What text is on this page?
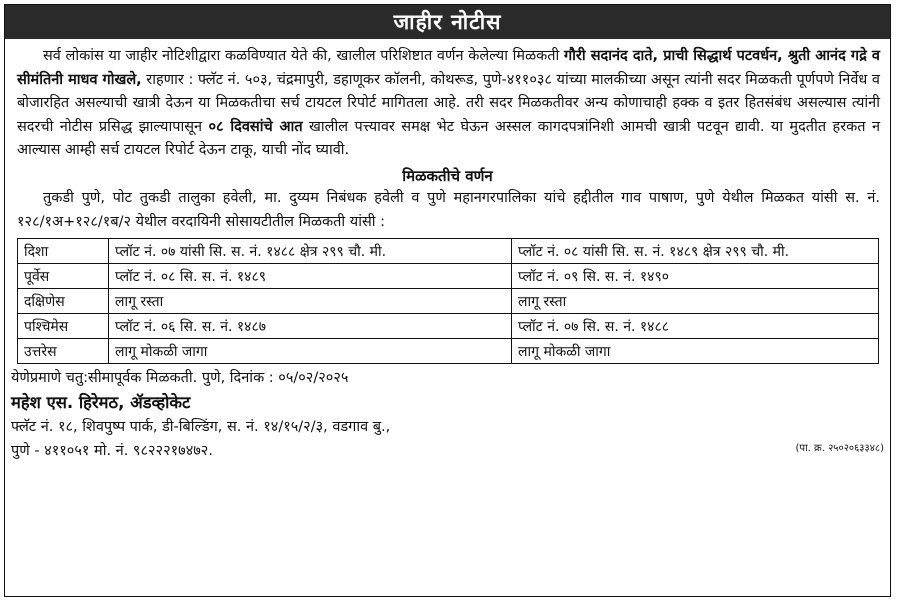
जाहीर नोटीस

सर्व लोकांस या जाहीर नोटिशीद्वारा कळविण्यात येते की, खालील परिशिष्टात वर्णन केलेल्या मिळकती गौरी सदानंद दाते, प्राची सिद्धार्थ पटवर्धन, श्रुती आनंद गद्रे व सीमंतिनी माधव गोखले, राहणार : फ्लॅट नं. ५०३, चंद्रमापुरी, डहाणूकर कॉलनी, कोथरूड, पुणे-४११०३८ यांच्या मालकीच्या असून त्यांनी सदर मिळकती पूर्णपणे निर्वेध व बोजारहित असल्याची खात्री देऊन या मिळकतीचा सर्च टायटल रिपोर्ट मागितला आहे. तरी सदर मिळकतीवर अन्य कोणाचाही हक्क व इतर हितसंबंध असल्यास त्यांनी सदरची नोटीस प्रसिद्ध झाल्यापासून ०८ दिवसांचे आत खालील पत्त्यावर समक्ष भेट घेऊन अस्सल कागदपत्रांनिशी आमची खात्री पटवून द्यावी. या मुदतीत हरकत न आल्यास आम्ही सर्च टायटल रिपोर्ट देऊन टाकू, याची नोंद घ्यावी.

मिळकतीचे वर्णन

तुकडी पुणे, पोट तुकडी तालुका हवेली, मा. दुय्यम निबंधक हवेली व पुणे महानगरपालिका यांचे हद्दीतील गाव पाषाण, पुणे येथील मिळकत यांसी स. नं. १२८/१अ+१२८/१ब/२ येथील वरदायिनी सोसायटीतील मिळकती यांसी :

दिशा	प्लॉट नं. ०७ यांसी सि. स. नं. १४८८ क्षेत्र २९९ चौ. मी.	प्लॉट नं. ०८ यांसी सि. स. नं. १४८९ क्षेत्र २९९ चौ. मी.
पूर्वेस	प्लॉट नं. ०८ सि. स. नं. १४८९	प्लॉट नं. ०९ सि. स. नं. १४९०
दक्षिणेस	लागू रस्ता	लागू रस्ता
पश्चिमेस	प्लॉट नं. ०६ सि. स. नं. १४८७	प्लॉट नं. ०७ सि. स. नं. १४८८
उत्तरेस	लागू मोकळी जागा	लागू मोकळी जागा
येणेप्रमाणे चतु:सीमापूर्वक मिळकती. पुणे, दिनांक : ०५/०२/२०२५
महेश एस. हिरेमठ, ॲडव्होकेट
फ्लॅट नं. १८, शिवपुष्प पार्क, डी-बिल्डिंग, स. नं. १४/१५/२/३, वडगाव बु.,
पुणे - ४११०५१ मो. नं. ९८२२२१७४७२.	(पा. क्र. २५०२०६३३४८)
